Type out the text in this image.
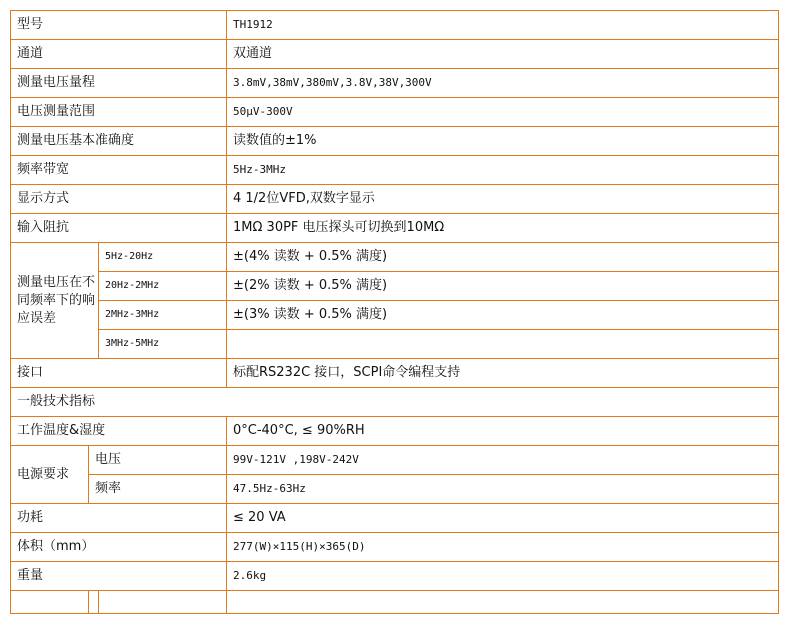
型号			TH1912
通道			双通道
测量电压量程			3.8mV,38mV,380mV,3.8V,38V,300V
电压测量范围			50μV-300V
测量电压基本准确度			读数值的±1%
频率带宽			5Hz-3MHz
显示方式			4 1/2位VFD,双数字显示
输入阻抗			1MΩ 30PF 电压探头可切换到10MΩ
测量电压在不同频率下的响应误差		5Hz-20Hz	±(4% 读数 + 0.5% 满度)
		20Hz-2MHz	±(2% 读数 + 0.5% 满度)
		2MHz-3MHz	±(3% 读数 + 0.5% 满度)
		3MHz-5MHz	
接口			标配RS232C 接口，SCPI命令编程支持
一般技术指标			
工作温度&湿度			0°C-40°C, ≤ 90%RH
电源要求	电压		99V-121V ,198V-242V
	频率		47.5Hz-63Hz
功耗			≤ 20 VA
体积（mm）			277(W)×115(H)×365(D)
重量			2.6kg
